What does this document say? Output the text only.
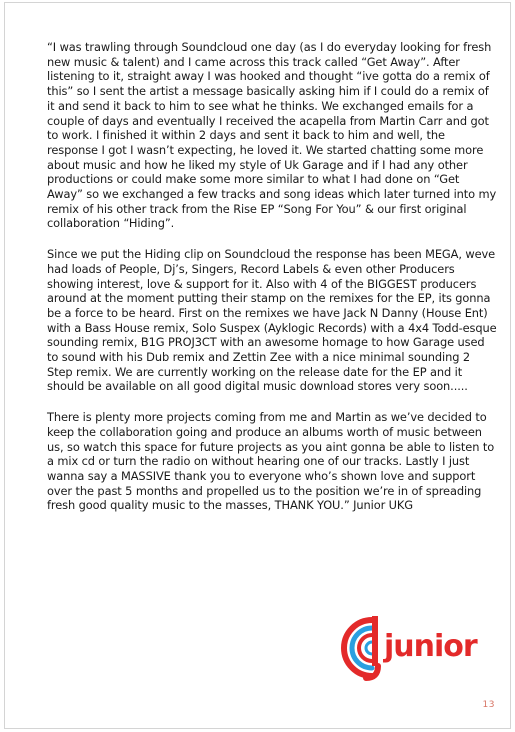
“I was trawling through Soundcloud one day (as I do everyday looking for fresh new music & talent) and I came across this track called “Get Away”. After listening to it, straight away I was hooked and thought “ive gotta do a remix of this” so I sent the artist a message basically asking him if I could do a remix of it and send it back to him to see what he thinks. We exchanged emails for a couple of days and eventually I received the acapella from Martin Carr and got to work. I finished it within 2 days and sent it back to him and well, the response I got I wasn’t expecting, he loved it. We started chatting some more about music and how he liked my style of Uk Garage and if I had any other productions or could make some more similar to what I had done on “Get Away” so we exchanged a few tracks and song ideas which later turned into my remix of his other track from the Rise EP “Song For You” & our first original collaboration “Hiding”.

Since we put the Hiding clip on Soundcloud the response has been MEGA, weve had loads of People, Dj’s, Singers, Record Labels & even other Producers showing interest, love & support for it. Also with 4 of the BIGGEST producers around at the moment putting their stamp on the remixes for the EP, its gonna be a force to be heard. First on the remixes we have Jack N Danny (House Ent) with a Bass House remix, Solo Suspex (Ayklogic Records) with a 4x4 Todd-esque sounding remix, B1G PROJ3CT with an awesome homage to how Garage used to sound with his Dub remix and Zettin Zee with a nice minimal sounding 2 Step remix. We are currently working on the release date for the EP and it should be available on all good digital music download stores very soon.....

There is plenty more projects coming from me and Martin as we’ve decided to keep the collaboration going and produce an albums worth of music between us, so watch this space for future projects as you aint gonna be able to listen to a mix cd or turn the radio on without hearing one of our tracks. Lastly I just wanna say a MASSIVE thank you to everyone who’s shown love and support over the past 5 months and propelled us to the position we’re in of spreading fresh good quality music to the masses, THANK YOU.” Junior UKG

junior
13
